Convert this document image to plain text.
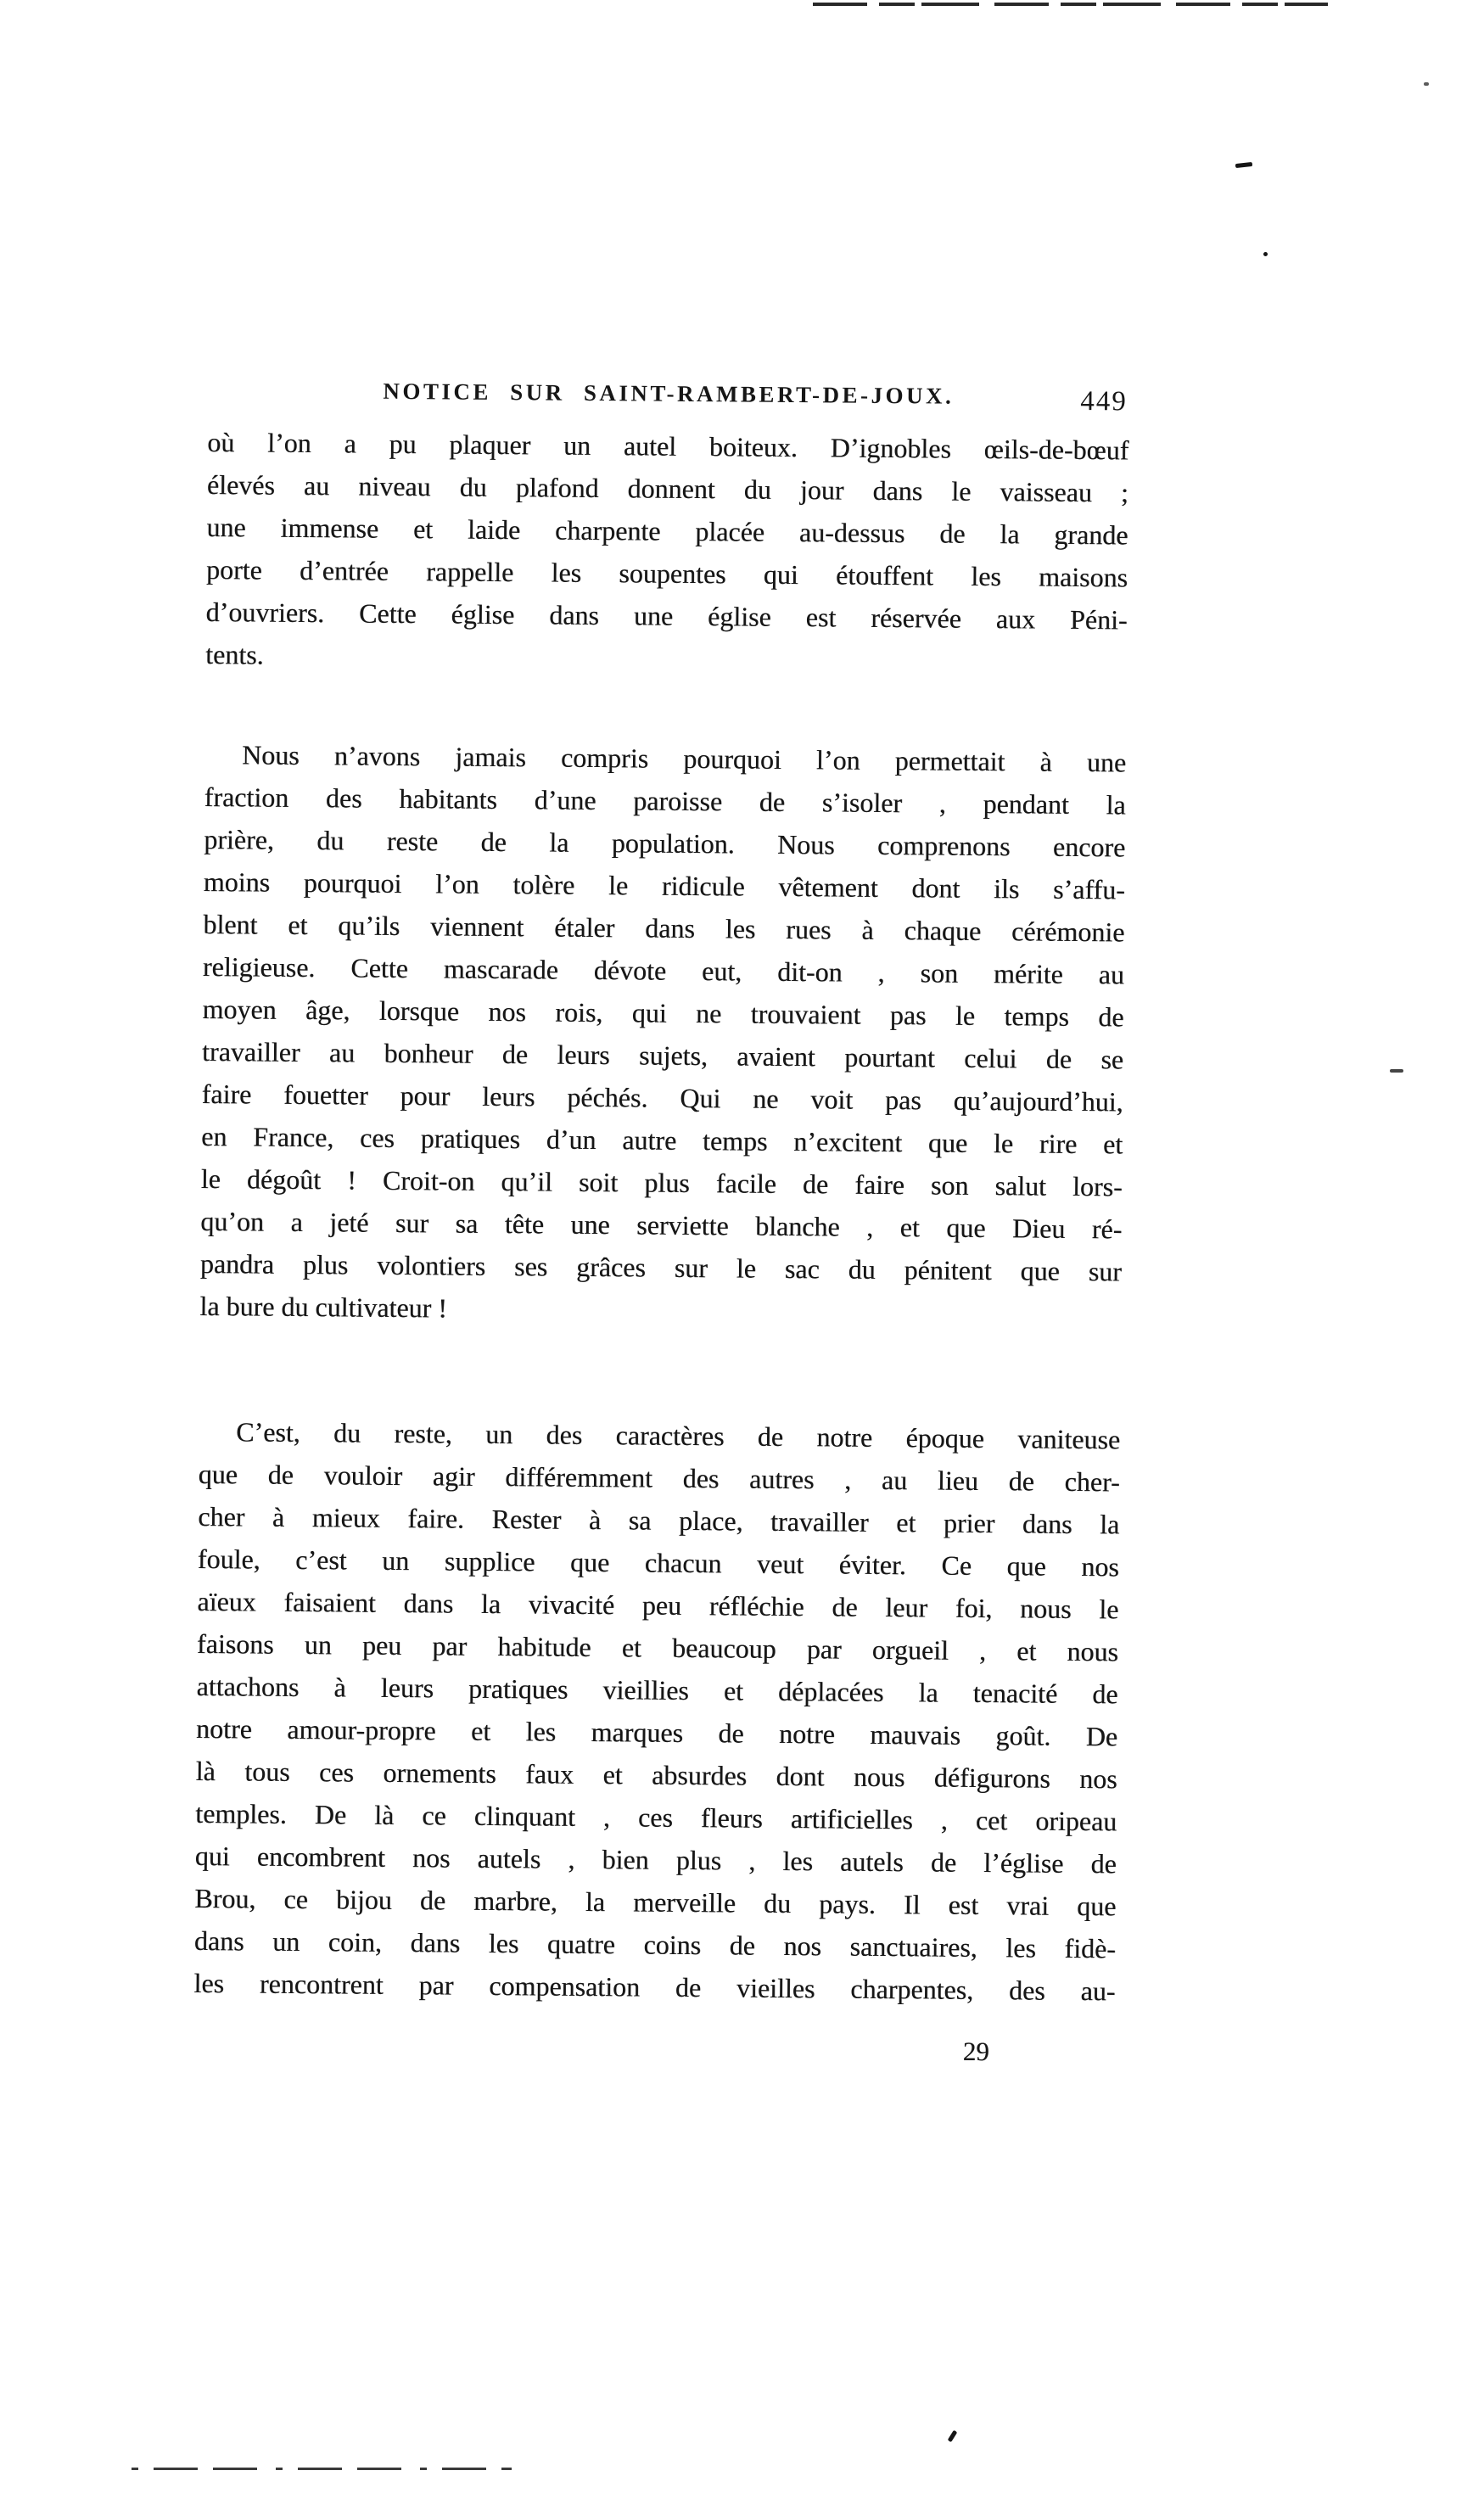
NOTICE SUR SAINT-RAMBERT-DE-JOUX.	449
où l’on a pu plaquer un autel boiteux. D’ignobles œils-de-bœuf
élevés au niveau du plafond donnent du jour dans le vaisseau ;
une immense et laide charpente placée au-dessus de la grande
porte d’entrée rappelle les soupentes qui étouffent les maisons
d’ouvriers. Cette église dans une église est réservée aux Péni-
tents.
Nous n’avons jamais compris pourquoi l’on permettait à une
fraction des habitants d’une paroisse de s’isoler , pendant la
prière, du reste de la population. Nous comprenons encore
moins pourquoi l’on tolère le ridicule vêtement dont ils s’affu-
blent et qu’ils viennent étaler dans les rues à chaque cérémonie
religieuse. Cette mascarade dévote eut, dit-on , son mérite au
moyen âge, lorsque nos rois, qui ne trouvaient pas le temps de
travailler au bonheur de leurs sujets, avaient pourtant celui de se
faire fouetter pour leurs péchés. Qui ne voit pas qu’aujourd’hui,
en France, ces pratiques d’un autre temps n’excitent que le rire et
le dégoût ! Croit-on qu’il soit plus facile de faire son salut lors-
qu’on a jeté sur sa tête une serviette blanche , et que Dieu ré-
pandra plus volontiers ses grâces sur le sac du pénitent que sur
la bure du cultivateur !
C’est, du reste, un des caractères de notre époque vaniteuse
que de vouloir agir différemment des autres , au lieu de cher-
cher à mieux faire. Rester à sa place, travailler et prier dans la
foule, c’est un supplice que chacun veut éviter. Ce que nos
aïeux faisaient dans la vivacité peu réfléchie de leur foi, nous le
faisons un peu par habitude et beaucoup par orgueil , et nous
attachons à leurs pratiques vieillies et déplacées la tenacité de
notre amour-propre et les marques de notre mauvais goût. De
là tous ces ornements faux et absurdes dont nous défigurons nos
temples. De là ce clinquant , ces fleurs artificielles , cet oripeau
qui encombrent nos autels , bien plus , les autels de l’église de
Brou, ce bijou de marbre, la merveille du pays. Il est vrai que
dans un coin, dans les quatre coins de nos sanctuaires, les fidè-
les rencontrent par compensation de vieilles charpentes, des au-
29
